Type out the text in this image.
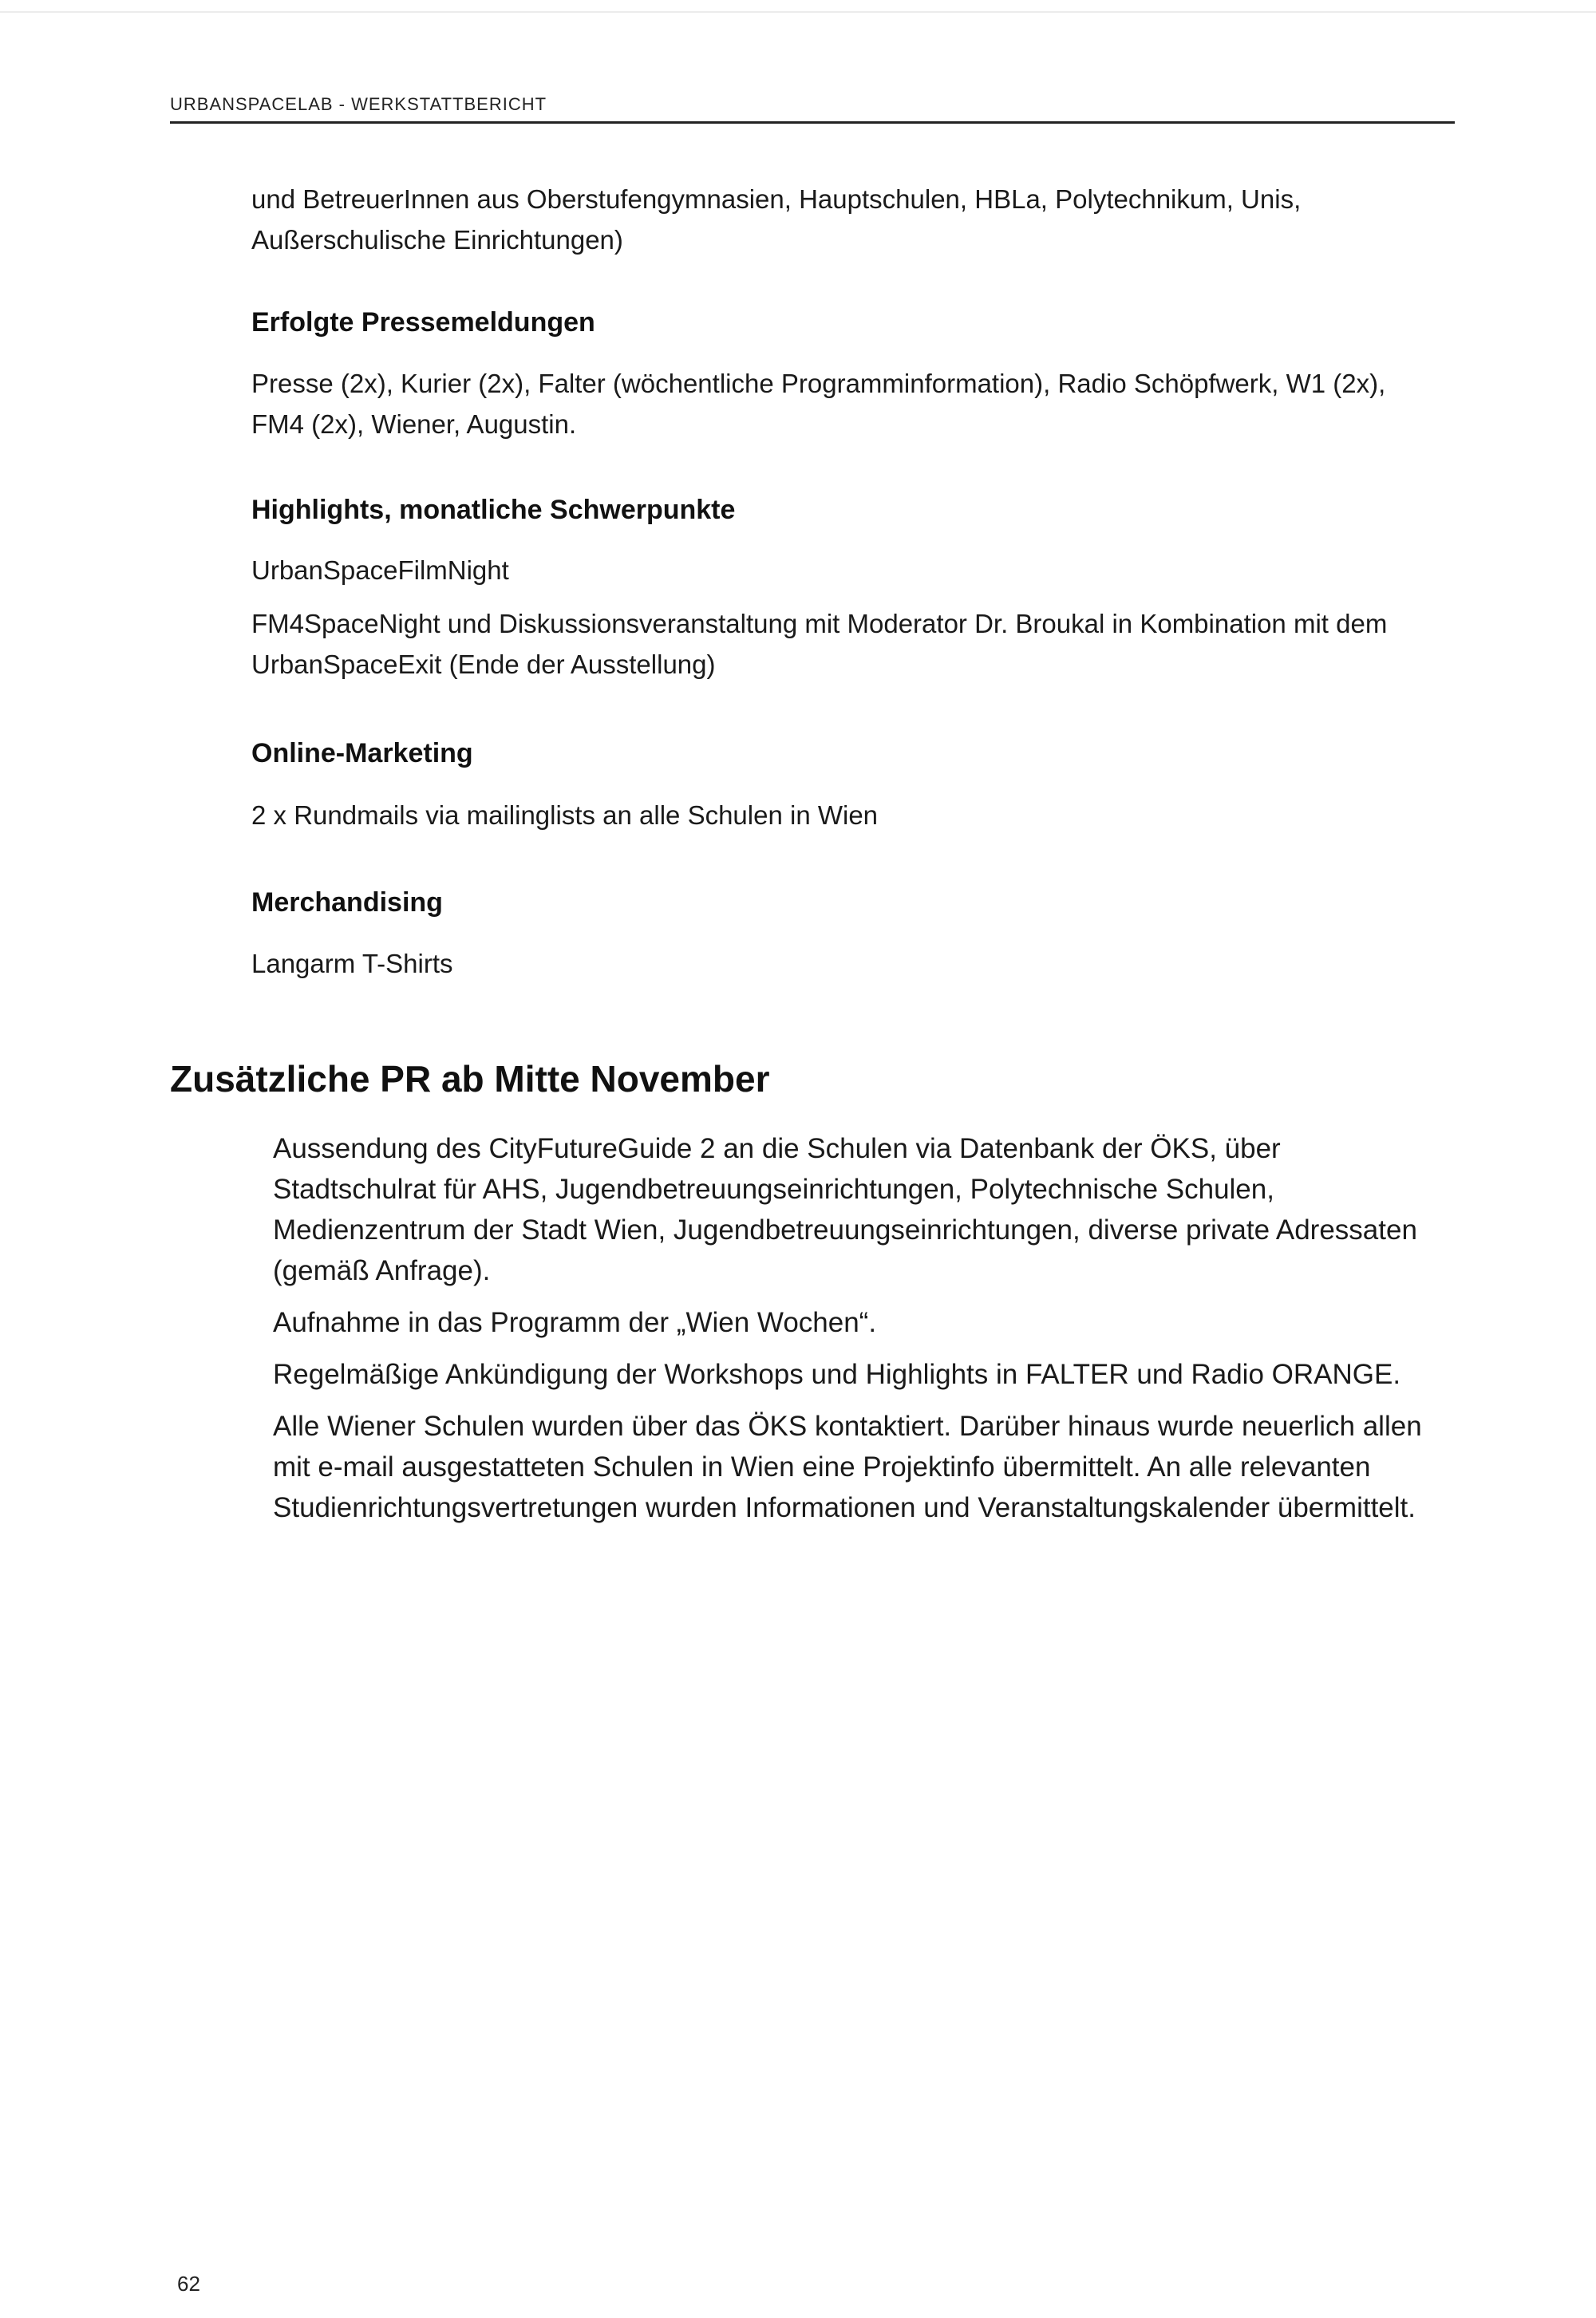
URBANSPACELAB - WERKSTATTBERICHT

und BetreuerInnen aus Oberstufengymnasien, Hauptschulen, HBLa, Polytechnikum, Unis, Außerschulische Einrichtungen)

Erfolgte Pressemeldungen

Presse (2x), Kurier (2x), Falter (wöchentliche Programminformation), Radio Schöpfwerk, W1 (2x), FM4 (2x), Wiener, Augustin.

Highlights, monatliche Schwerpunkte

UrbanSpaceFilmNight

FM4SpaceNight und Diskussionsveranstaltung mit Moderator Dr. Broukal in Kombination mit dem UrbanSpaceExit (Ende der Ausstellung)

Online-Marketing

2 x Rundmails via mailinglists an alle Schulen in Wien

Merchandising

Langarm T-Shirts

Zusätzliche PR ab Mitte November

Aussendung des CityFutureGuide 2 an die Schulen via Datenbank der ÖKS, über Stadtschulrat für AHS, Jugendbetreuungseinrichtungen, Polytechnische Schulen, Medienzentrum der Stadt Wien, Jugendbetreuungseinrichtungen, diverse private Adressaten (gemäß Anfrage).

Aufnahme in das Programm der „Wien Wochen“.

Regelmäßige Ankündigung der Workshops und Highlights in FALTER und Radio ORANGE.

Alle Wiener Schulen wurden über das ÖKS kontaktiert. Darüber hinaus wurde neuerlich allen mit e-mail ausgestatteten Schulen in Wien eine Projektinfo übermittelt. An alle relevanten Studienrichtungsvertretungen wurden Informationen und Veranstaltungskalender übermittelt.

62
